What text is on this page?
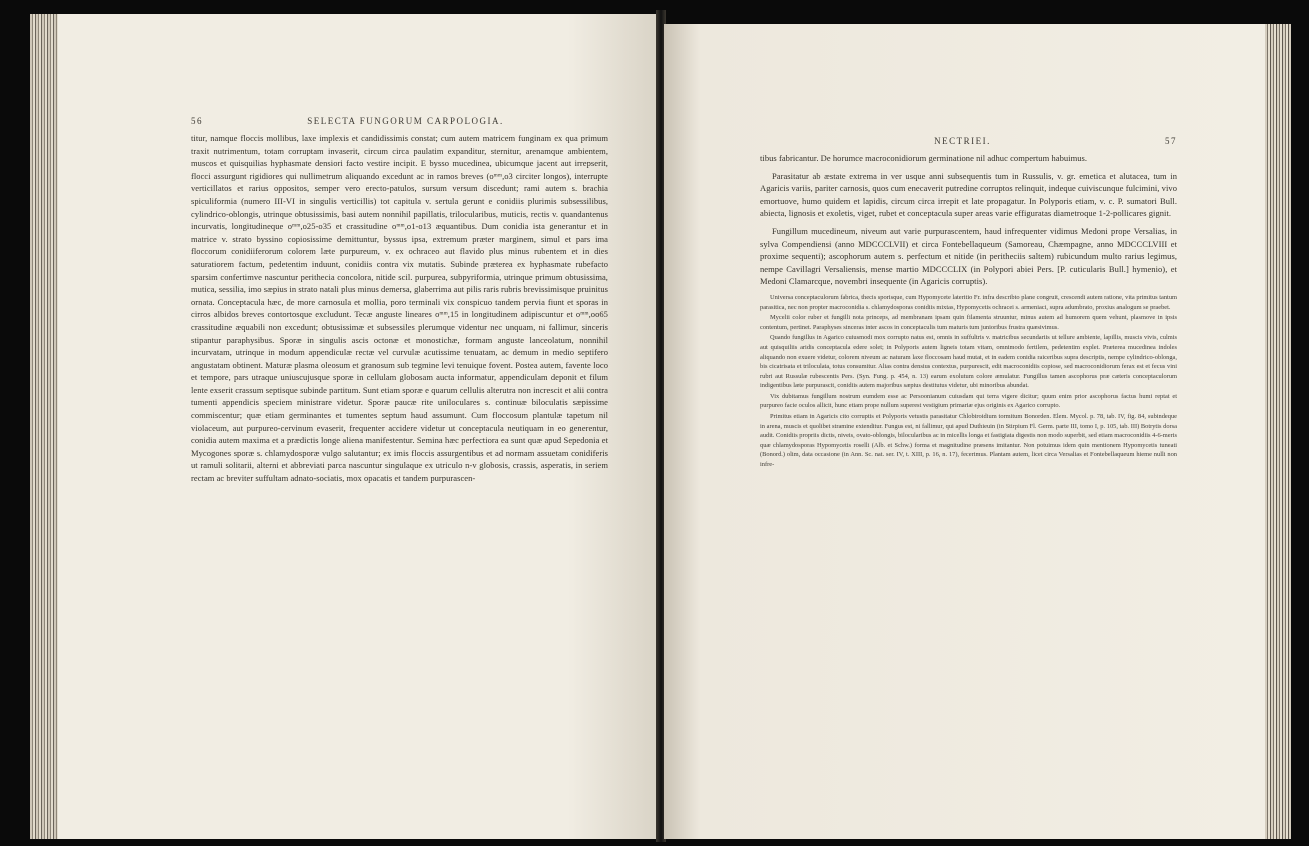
56	SELECTA FUNGORUM CARPOLOGIA.

titur, namque floccis mollibus, laxe implexis et candidissimis constat; cum autem matricem funginam ex qua primum traxit nutrimentum, totam corruptam invaserit, circum circa paulatim expanditur, sternitur, arenamque ambientem, muscos et quisquilias hyphasmate densiori facto vestire incipit. E bysso mucedinea, ubicumque jacent aut irrepserit, flocci assurgunt rigidiores qui nullimetrum aliquando excedunt ac in ramos breves (oᵐᵐ,o3 circiter longos), interrupte verticillatos et rarius oppositos, semper vero erecto-patulos, sursum versum discedunt; rami autem s. brachia spiculiformia (numero III-VI in singulis verticillis) tot capitula v. sertula gerunt e conidiis plurimis subsessilibus, cylindrico-oblongis, utrinque obtusissimis, basi autem nonnihil papillatis, trilocularibus, muticis, rectis v. quandantenus incurvatis, longitudineque oᵐᵐ,o25-o35 et crassitudine oᵐᵐ,o1-o13 æquantibus. Dum conidia ista generantur et in matrice v. strato byssino copiosissime demittuntur, byssus ipsa, extremum præter marginem, simul et pars ima floccorum conidiiferorum colorem læte purpureum, v. ex ochraceo aut flavido plus minus rubentem et in dies saturatiorem factum, pedetentim induunt, conidiis contra vix mutatis. Subinde præterea ex hyphasmate rubefacto sparsim confertimve nascuntur perithecia concolora, nitide scil. purpurea, subpyriformia, utrinque primum obtusissima, mutica, sessilia, imo sæpius in strato natali plus minus demersa, glaberrima aut pilis raris rubris brevissimisque pruinitus ornata. Conceptacula hæc, de more carnosula et mollia, poro terminali vix conspicuo tandem pervia fiunt et sporas in cirros albidos breves contortosque excludunt. Tecæ anguste lineares oᵐᵐ,15 in longitudinem adipiscuntur et oᵐᵐ,oo65 crassitudine æquabili non excedunt; obtusissimæ et subsessiles plerumque videntur nec unquam, ni fallimur, sinceris stipantur paraphysibus. Sporæ in singulis ascis octonæ et monostichæ, formam anguste lanceolatum, nonnihil incurvatam, utrinque in modum appendiculæ rectæ vel curvulæ acutissime tenuatam, ac demum in medio septifero angustatam obtinent. Maturæ plasma oleosum et granosum sub tegmine levi tenuique fovent. Postea autem, favente loco et tempore, pars utraque uniuscujusque sporæ in cellulam globosam aucta informatur, appendiculam deponit et filum lente exserit crassum septisque subinde partitum. Sunt etiam sporæ e quarum cellulis alterutra non increscit et alii contra tumenti appendicis speciem ministrare videtur. Sporæ paucæ rite uniloculares s. continuæ biloculatis sæpissime commiscentur; quæ etiam germinantes et tumentes septum haud assumunt. Cum floccosum plantulæ tapetum nil violaceum, aut purpureo-cervinum evaserit, frequenter accidere videtur ut conceptacula neutiquam in eo generentur, conidia autem maxima et a prædictis longe aliena manifestentur. Semina hæc perfectiora ea sunt quæ apud Sepedonia et Mycogones sporæ s. chlamydosporæ vulgo salutantur; ex imis floccis assurgentibus et ad normam assuetam conidiferis ut ramuli solitarii, alterni et abbreviati parca nascuntur singulaque ex utriculo n-v globosis, crassis, asperatis, in seriem rectam ac breviter suffultam adnato-sociatis, mox opacatis et tandem purpurascen-

NECTRIEI.	57

tibus fabricantur. De horumce macroconidiorum germinatione nil adhuc compertum habuimus.

Parasitatur ab æstate extrema in ver usque anni subsequentis tum in Russulis, v. gr. emetica et alutacea, tum in Agaricis variis, pariter carnosis, quos cum enecaverit putredine corruptos relinquit, indeque cuiviscunque fulcimini, vivo emortuove, humo quidem et lapidis, circum circa irrepit et late propagatur. In Polyporis etiam, v. c. P. sumatori Bull. abiecta, lignosis et exoletis, viget, rubet et conceptacula super areas varie effiguratas diametroque 1-2-pollicares gignit.

Fungillum mucedineum, niveum aut varie purpurascentem, haud infrequenter vidimus Medoni prope Versalias, in sylva Compendiensi (anno MDCCCLVII) et circa Fontebellaqueum (Samoreau, Chæmpagne, anno MDCCCLVIII et proxime sequenti); ascophorum autem s. perfectum et nitide (in peritheciis saltem) rubicundum multo rarius legimus, nempe Cavillagri Versaliensis, mense martio MDCCCLIX (in Polypori abiei Pers. [P. cuticularis Bull.] hymenio), et Medoni Clamarcque, novembri insequente (in Agaricis corruptis).

Universa conceptaculorum fabrica, thecis sporisque, cum Hypomycete lateritio Fr. infra describto plane congruit, crescendi autem ratione, vita primitus tantum parasitica, nec non propter macroconidia s. chlamydosporas conidiis mixtas, Hypomycetis ochracei s. armeniaci, supra adumbrato, proxius analogum se praebet.

Mycelii color ruber et fungilli nota princeps, ad membranam ipsam quin filamenta struuntur, minus autem ad humorem quem vehunt, plasmove in ipsis contentum, pertinet. Paraphyses sinceras inter ascos in conceptaculis tum maturis tum junioribus frustra quæsivimus.

Quando fungillus in Agarico cuiusmodi mox corrupto natus est, omnis in suffultris v. matricibus secundariis ut tellure ambiente, lapillis, muscis vivis, culmis aut quisquiliis aridis conceptacula edere solet; in Polyporis autem ligneis totam vitam, omnimodo fertilem, pedetentim explet. Præterea mucedinea indoles aliquando non exuere videtur, colorem niveum ac naturam laxe floccosam haud mutat, et in eadem conidia raiceribus supra descriptis, nempe cylindrico-oblonga, bis cicatrisata et triloculata, totus consumitur. Alias contra densius contextus, purpurescit, edit macroconidiis copiose, sed macroconidiorum ferax est et fecus vini rubri aut Russulæ rubescentis Pers. (Syn. Fung. p. 454, n. 13) earum exolutum colore æmulatur. Fungillus tamen ascophorus præ cæteris conceptaculorum indigentibus læte purpurascit, conidiis autem majoribus sæpius destitutus videtur, ubi minoribus abundat.

Vix dubitamus fungillum nostrum eumdem esse ac Persoonianum cuiusdam qui terra vigere dicitur; quum enim prior ascophorus factus humi reptat et purpureo facie oculos allicit, hunc etiam prope nullum superest vestigium primariæ ejus originis ex Agarico corrupto.

Primitus etiam in Agaricis cito corruptis et Polyporis vetustis parasitatur Chlobiroidium tormitum Bonorden. Elem. Mycol. p. 78, tab. IV, fig. 84, subindeque in arena, muscis et quolibet stramine extenditur. Fungus est, ni fallimur, qui apud Duthieuin (in Stirpium Fl. Germ. parte III, tomo I, p. 105, tab. III) Botrytis dorsa audit. Conidiis propriis dictis, niveis, ovato-oblongis, bilocularibus ac in micellis longa et fastigiata digestis non modo superbit, sed etiam macroconidiis 4-6-meris quæ chlamydosporas Hypomycetis roselli (Alb. et Schw.) forma et magnitudine præsens imitantur. Non potuimus idem quin mentionem Hypomycetis tuneati (Bonord.) olim, data occasione (in Ann. Sc. nat. ser. IV, t. XIII, p. 16, n. 17), fecerimus. Plantam autem, licet circa Versalias et Fontebellaqueum hieme nulli non infre-
